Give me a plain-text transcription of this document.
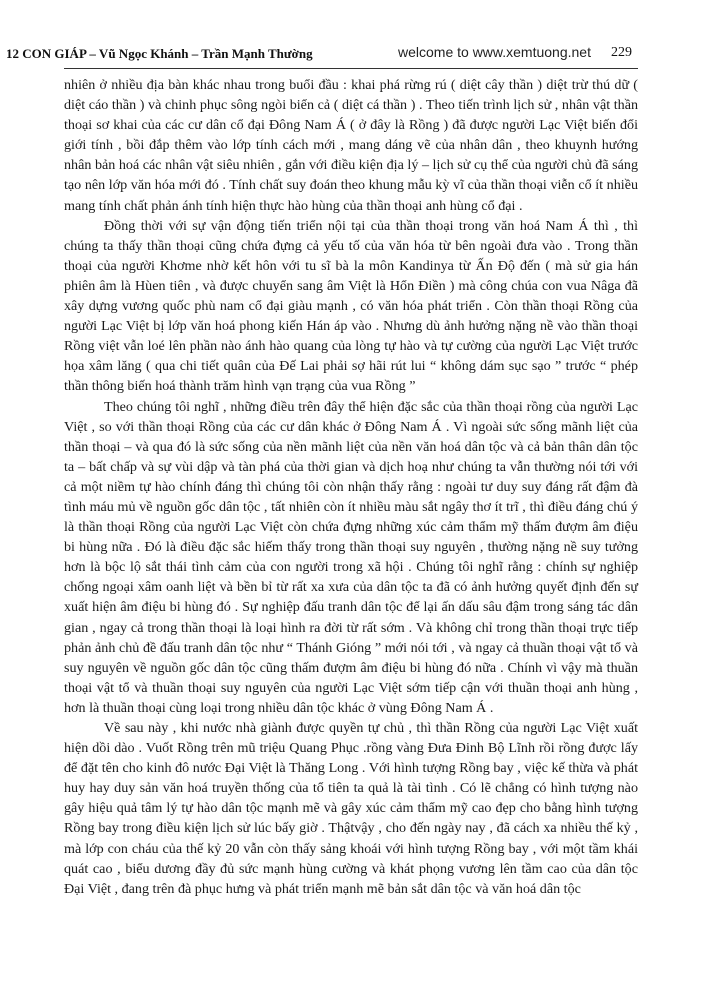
12 CON GIÁP – Vũ Ngọc Khánh – Trần Mạnh Thường	welcome to www.xemtuong.net 229

nhiên ở nhiều địa bàn khác nhau trong buổi đầu : khai phá rừng rú ( diệt cây thần ) diệt trừ thú dữ ( diệt cáo thần ) và chinh phục sông ngòi biển cả ( diệt cá thần ) . Theo tiến trình lịch sử , nhân vật thần thoại sơ khai của các cư dân cổ đại Đông Nam Á ( ở đây là Rồng ) đã được người Lạc Việt biến đổi giới tính , bồi đắp thêm vào lớp tính cách mới , mang dáng vẽ của nhân dân , theo khuynh hướng nhân bản hoá các nhân vật siêu nhiên , gắn với điều kiện địa lý – lịch sử cụ thể của người chủ đã sáng tạo nên lớp văn hóa mới đó . Tính chất suy đoán theo khung mẫu kỳ vĩ của thần thoại viễn cổ ít nhiều mang tính chất phản ánh tính hiện thực hào hùng của thần thoại anh hùng cổ đại .

Đồng thời với sự vận động tiến triển nội tại của thần thoại trong văn hoá Nam Á thì , thì chúng ta thấy thần thoại cũng chứa đựng cả yếu tố của văn hóa từ bên ngoài đưa vào . Trong thần thoại của người Khơme nhờ kết hôn với tu sĩ bà la môn Kandinya từ Ấn Độ đến ( mà sử gia hán phiên âm là Hùen tiên , và được chuyển sang âm Việt là Hổn Điền ) mà công chúa con vua Nâga đã xây dựng vương quốc phù nam cổ đại giàu mạnh , có văn hóa phát triển . Còn thần thoại Rồng của người Lạc Việt bị lớp văn hoá phong kiến Hán áp vào . Nhưng dù ảnh hưởng nặng nề vào thần thoại Rồng việt vẫn loé lên phần nào ánh hào quang của lòng tự hào và tự cường của người Lạc Việt trước họa xâm lăng ( qua chi tiết quân của Đế Lai phải sợ hãi rút lui “ không dám sục sạo ” trước “ phép thần thông biến hoá thành trăm hình vạn trạng của vua Rồng ”

Theo chúng tôi nghĩ , những điều trên đây thể hiện đặc sắc của thần thoại rồng của người Lạc Việt , so với thần thoại Rồng của các cư dân khác ở Đông Nam Á . Vì ngoài sức sống mãnh liệt của thần thoại – và qua đó là sức sống của nền mãnh liệt của nền văn hoá dân tộc và cả bản thân dân tộc ta – bất chấp và sự vùi dập và tàn phá của thời gian và dịch hoạ như chúng ta vẫn thường nói tới với cả một niềm tự hào chính đáng thì chúng tôi còn nhận thấy rằng : ngoài tư duy suy đáng rất đậm đà tình máu mủ về nguồn gốc dân tộc , tất nhiên còn ít nhiều màu sắt ngây thơ ít trĩ , thì điều đáng chú ý là thần thoại Rồng của người Lạc Việt còn chứa đựng những xúc cảm thẩm mỹ thấm đượm âm điệu bi hùng nữa . Đó là điều đặc sắc hiếm thấy trong thần thoại suy nguyên , thường nặng nề suy tưởng hơn là bộc lộ sắt thái tình cảm của con người trong xã hội . Chúng tôi nghĩ rằng : chính sự nghiệp chống ngoại xâm oanh liệt và bền bỉ từ rất xa xưa của dân tộc ta đã có ảnh hưởng quyết định đến sự xuất hiện âm điệu bi hùng đó . Sự nghiệp đấu tranh dân tộc để lại ấn dấu sâu đậm trong sáng tác dân gian , ngay cả trong thần thoại là loại hình ra đời từ rất sớm . Và không chỉ trong thần thoại trực tiếp phản ảnh chủ đề đấu tranh dân tộc như “ Thánh Gióng ” mới nói tới , và ngay cả thuần thoại vật tổ và suy nguyên về nguồn gốc dân tộc cũng thấm đượm âm điệu bi hùng đó nữa . Chính vì vậy mà thuần thoại vật tổ và thuần thoại suy nguyên của người Lạc Việt sớm tiếp cận với thuần thoại anh hùng , hơn là thuần thoại cùng loại trong nhiều dân tộc khác ở vùng Đông Nam Á .

Về sau này , khi nước nhà giành được quyền tự chủ , thì thần Rồng của người Lạc Việt xuất hiện dồi dào . Vuốt Rồng trên mũ triệu Quang Phục .rồng vàng Đưa Đinh Bộ Lĩnh rồi rồng được lấy để đặt tên cho kinh đô nước Đại Việt là Thăng Long . Với hình tượng Rồng bay , việc kế thừa và phát huy hay duy sản văn hoá truyền thống của tổ tiên ta quả là tài tình . Có lẽ chẳng có hình tượng nào gây hiệu quả tâm lý tự hào dân tộc mạnh mẽ và gây xúc cảm thẩm mỹ cao đẹp cho bằng hình tượng Rồng bay trong điều kiện lịch sử lúc bấy giờ . Thậtvậy , cho đến ngày nay , đã cách xa nhiều thế kỷ , mà lớp con cháu của thế kỷ 20 vẫn còn thấy sảng khoái với hình tượng Rồng bay , với một tầm khái quát cao , biểu dương đầy đủ sức mạnh hùng cường và khát phọng vương lên tầm cao của dân tộc Đại Việt , đang trên đà phục hưng và phát triển mạnh mẽ bản sắt dân tộc và văn hoá dân tộc
